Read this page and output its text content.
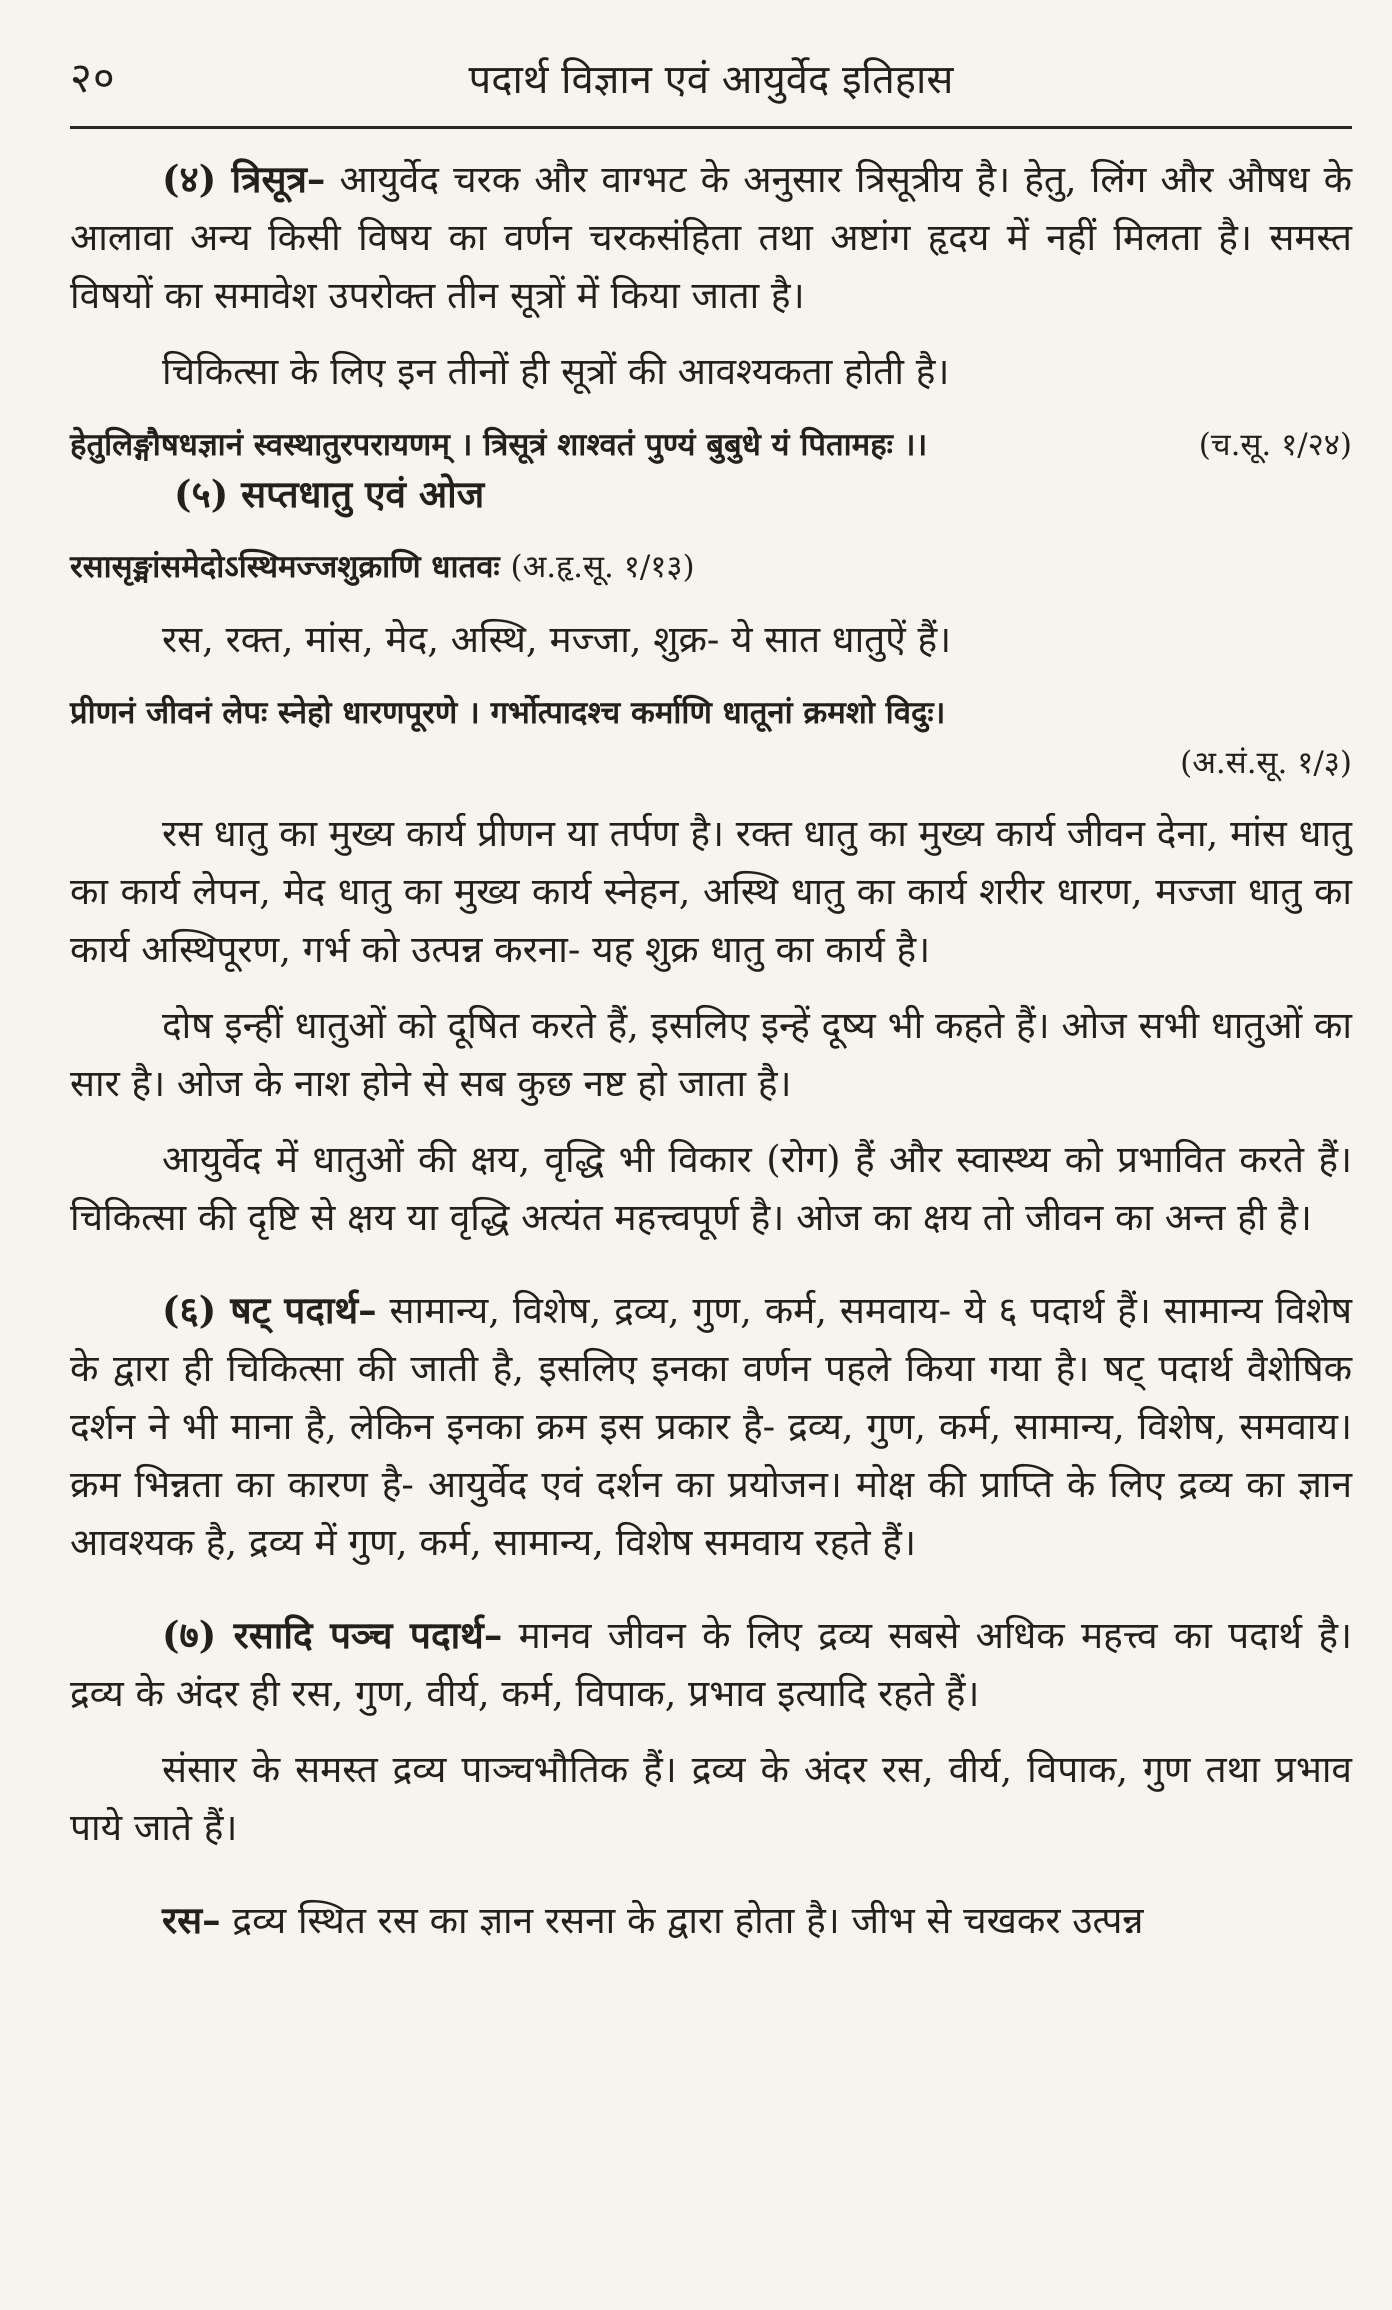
२०	पदार्थ विज्ञान एवं आयुर्वेद इतिहास

(४) त्रिसूत्र– आयुर्वेद चरक और वाग्भट के अनुसार त्रिसूत्रीय है। हेतु, लिंग और औषध के आलावा अन्य किसी विषय का वर्णन चरकसंहिता तथा अष्टांग हृदय में नहीं मिलता है। समस्त विषयों का समावेश उपरोक्त तीन सूत्रों में किया जाता है।

चिकित्सा के लिए इन तीनों ही सूत्रों की आवश्यकता होती है।

हेतुलिङ्गौषधज्ञानं स्वस्थातुरपरायणम् । त्रिसूत्रं शाश्वतं पुण्यं बुबुधे यं पितामहः ।।	(च.सू. १/२४)

(५) सप्तधातु एवं ओज

रसासृङ्मांसमेदोऽस्थिमज्जशुक्राणि धातवः (अ.हृ.सू. १/१३)

रस, रक्त, मांस, मेद, अस्थि, मज्जा, शुक्र- ये सात धातुऐं हैं।

प्रीणनं जीवनं लेपः स्नेहो धारणपूरणे । गर्भोत्पादश्च कर्माणि धातूनां क्रमशो विदुः।
(अ.सं.सू. १/३)

रस धातु का मुख्य कार्य प्रीणन या तर्पण है। रक्त धातु का मुख्य कार्य जीवन देना, मांस धातु का कार्य लेपन, मेद धातु का मुख्य कार्य स्नेहन, अस्थि धातु का कार्य शरीर धारण, मज्जा धातु का कार्य अस्थिपूरण, गर्भ को उत्पन्न करना- यह शुक्र धातु का कार्य है।

दोष इन्हीं धातुओं को दूषित करते हैं, इसलिए इन्हें दूष्य भी कहते हैं। ओज सभी धातुओं का सार है। ओज के नाश होने से सब कुछ नष्ट हो जाता है।

आयुर्वेद में धातुओं की क्षय, वृद्धि भी विकार (रोग) हैं और स्वास्थ्य को प्रभावित करते हैं। चिकित्सा की दृष्टि से क्षय या वृद्धि अत्यंत महत्त्वपूर्ण है। ओज का क्षय तो जीवन का अन्त ही है।

(६) षट् पदार्थ– सामान्य, विशेष, द्रव्य, गुण, कर्म, समवाय- ये ६ पदार्थ हैं। सामान्य विशेष के द्वारा ही चिकित्सा की जाती है, इसलिए इनका वर्णन पहले किया गया है। षट् पदार्थ वैशेषिक दर्शन ने भी माना है, लेकिन इनका क्रम इस प्रकार है- द्रव्य, गुण, कर्म, सामान्य, विशेष, समवाय। क्रम भिन्नता का कारण है- आयुर्वेद एवं दर्शन का प्रयोजन। मोक्ष की प्राप्ति के लिए द्रव्य का ज्ञान आवश्यक है, द्रव्य में गुण, कर्म, सामान्य, विशेष समवाय रहते हैं।

(७) रसादि पञ्च पदार्थ– मानव जीवन के लिए द्रव्य सबसे अधिक महत्त्व का पदार्थ है। द्रव्य के अंदर ही रस, गुण, वीर्य, कर्म, विपाक, प्रभाव इत्यादि रहते हैं।

संसार के समस्त द्रव्य पाञ्चभौतिक हैं। द्रव्य के अंदर रस, वीर्य, विपाक, गुण तथा प्रभाव पाये जाते हैं।

रस– द्रव्य स्थित रस का ज्ञान रसना के द्वारा होता है। जीभ से चखकर उत्पन्न
